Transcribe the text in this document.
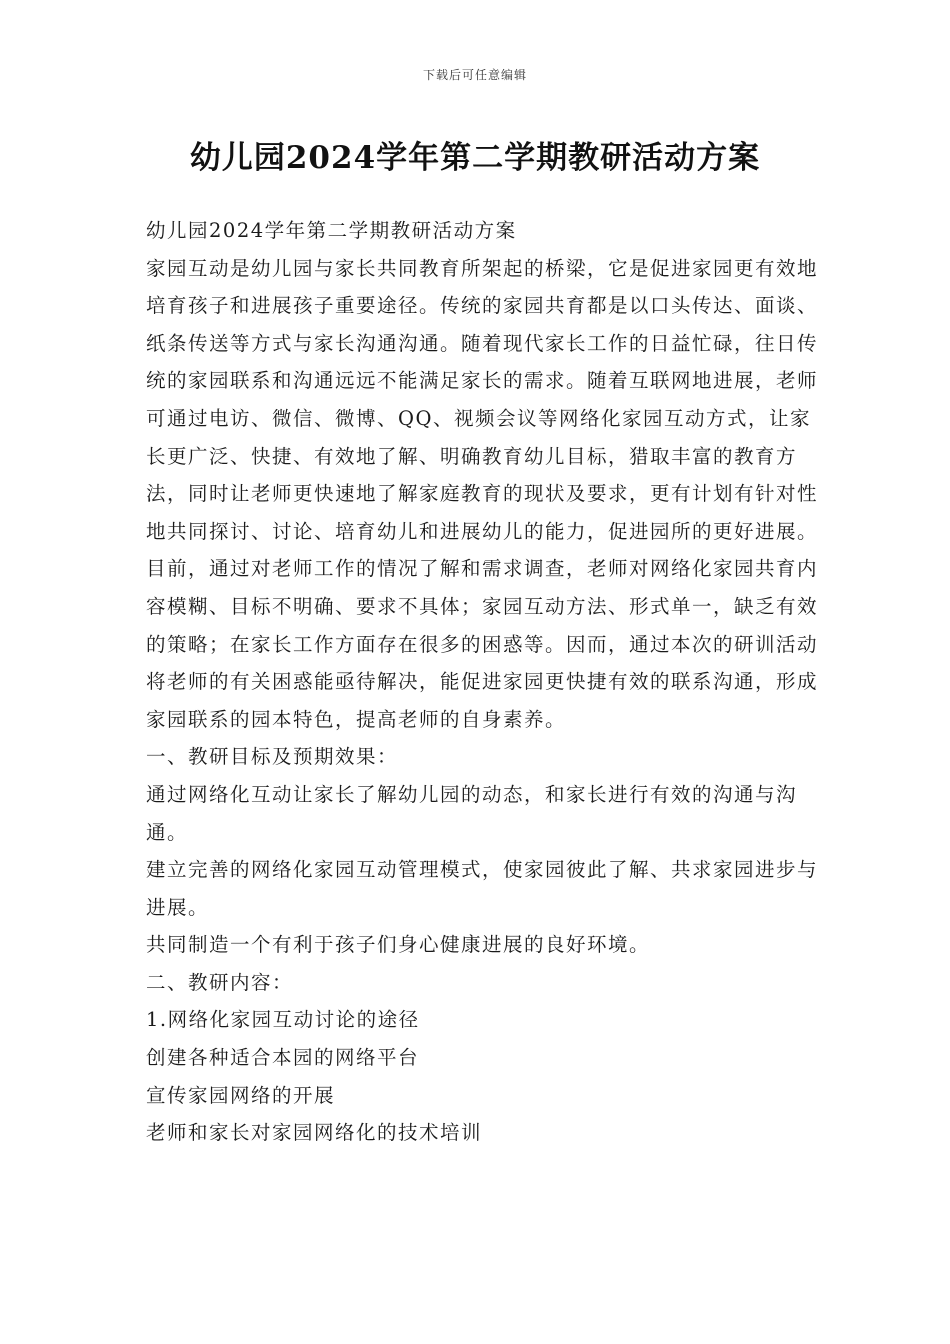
下载后可任意编辑
幼儿园2024学年第二学期教研活动方案

幼儿园2024学年第二学期教研活动方案

家园互动是幼儿园与家长共同教育所架起的桥梁，它是促进家园更有效地培育孩子和进展孩子重要途径。传统的家园共育都是以口头传达、面谈、纸条传送等方式与家长沟通沟通。随着现代家长工作的日益忙碌，往日传统的家园联系和沟通远远不能满足家长的需求。随着互联网地进展，老师可通过电访、微信、微博、QQ、视频会议等网络化家园互动方式，让家长更广泛、快捷、有效地了解、明确教育幼儿目标，猎取丰富的教育方法，同时让老师更快速地了解家庭教育的现状及要求，更有计划有针对性地共同探讨、讨论、培育幼儿和进展幼儿的能力，促进园所的更好进展。

目前，通过对老师工作的情况了解和需求调查，老师对网络化家园共育内容模糊、目标不明确、要求不具体；家园互动方法、形式单一，缺乏有效的策略；在家长工作方面存在很多的困惑等。因而，通过本次的研训活动将老师的有关困惑能亟待解决，能促进家园更快捷有效的联系沟通，形成家园联系的园本特色，提高老师的自身素养。

一、教研目标及预期效果：

通过网络化互动让家长了解幼儿园的动态，和家长进行有效的沟通与沟通。

建立完善的网络化家园互动管理模式，使家园彼此了解、共求家园进步与进展。

共同制造一个有利于孩子们身心健康进展的良好环境。

二、教研内容：

1.网络化家园互动讨论的途径

创建各种适合本园的网络平台

宣传家园网络的开展

老师和家长对家园网络化的技术培训
